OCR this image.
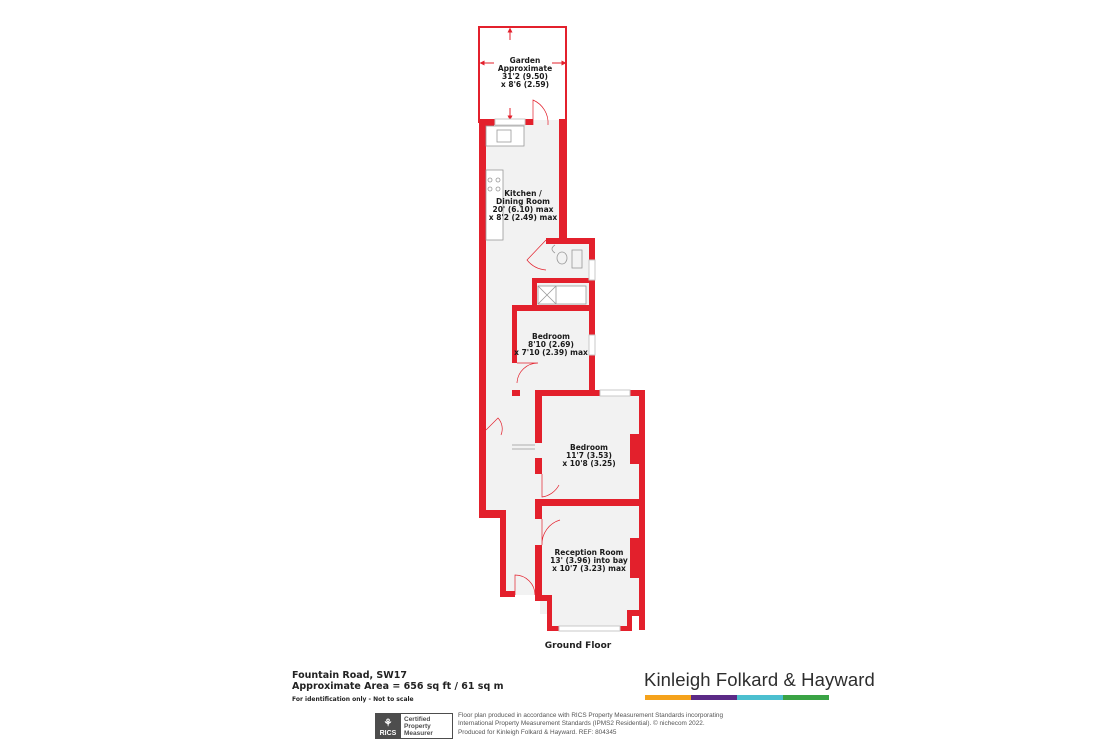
Garden
Approximate
31'2 (9.50)
x 8'6 (2.59)
Kitchen /
Dining Room
20' (6.10) max
x 8'2 (2.49) max
Bedroom
8'10 (2.69)
x 7'10 (2.39) max
Bedroom
11'7 (3.53)
x 10'8 (3.25)
Reception Room
13' (3.96) into bay
x 10'7 (3.23) max
Ground Floor
Fountain Road, SW17
Approximate Area = 656 sq ft / 61 sq m
For identification only - Not to scale
Kinleigh Folkard & Hayward
⚘
RICS
Certified
Property
Measurer
Floor plan produced in accordance with RICS Property Measurement Standards incorporating
International Property Measurement Standards (IPMS2 Residential). © nichecom 2022.
Produced for Kinleigh Folkard & Hayward. REF: 804345
